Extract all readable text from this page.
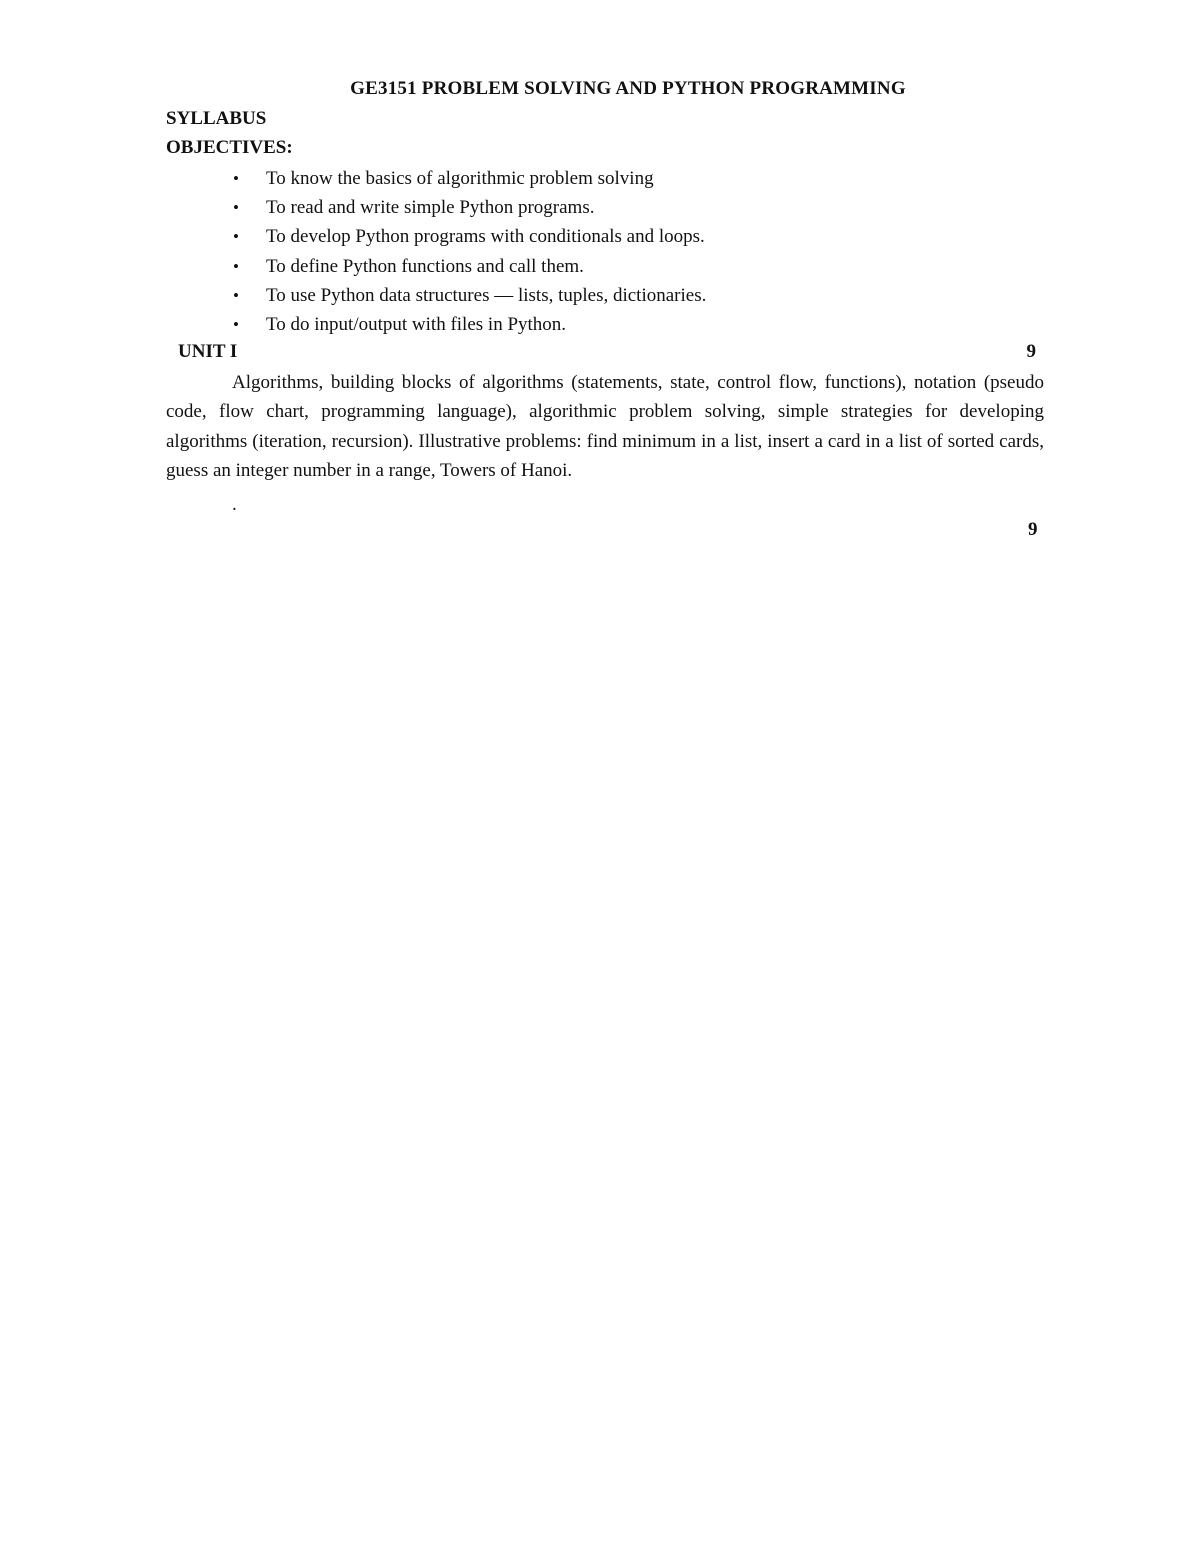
GE3151 PROBLEM SOLVING AND PYTHON PROGRAMMING
SYLLABUS
OBJECTIVES:
• To know the basics of algorithmic problem solving
• To read and write simple Python programs.
• To develop Python programs with conditionals and loops.
• To define Python functions and call them.
• To use Python data structures — lists, tuples, dictionaries.
• To do input/output with files in Python.
UNIT I	9

Algorithms, building blocks of algorithms (statements, state, control flow, functions), notation (pseudo code, flow chart, programming language), algorithmic problem solving, simple strategies for developing algorithms (iteration, recursion). Illustrative problems: find minimum in a list, insert a card in a list of sorted cards, guess an integer number in a range, Towers of Hanoi.

.
9
